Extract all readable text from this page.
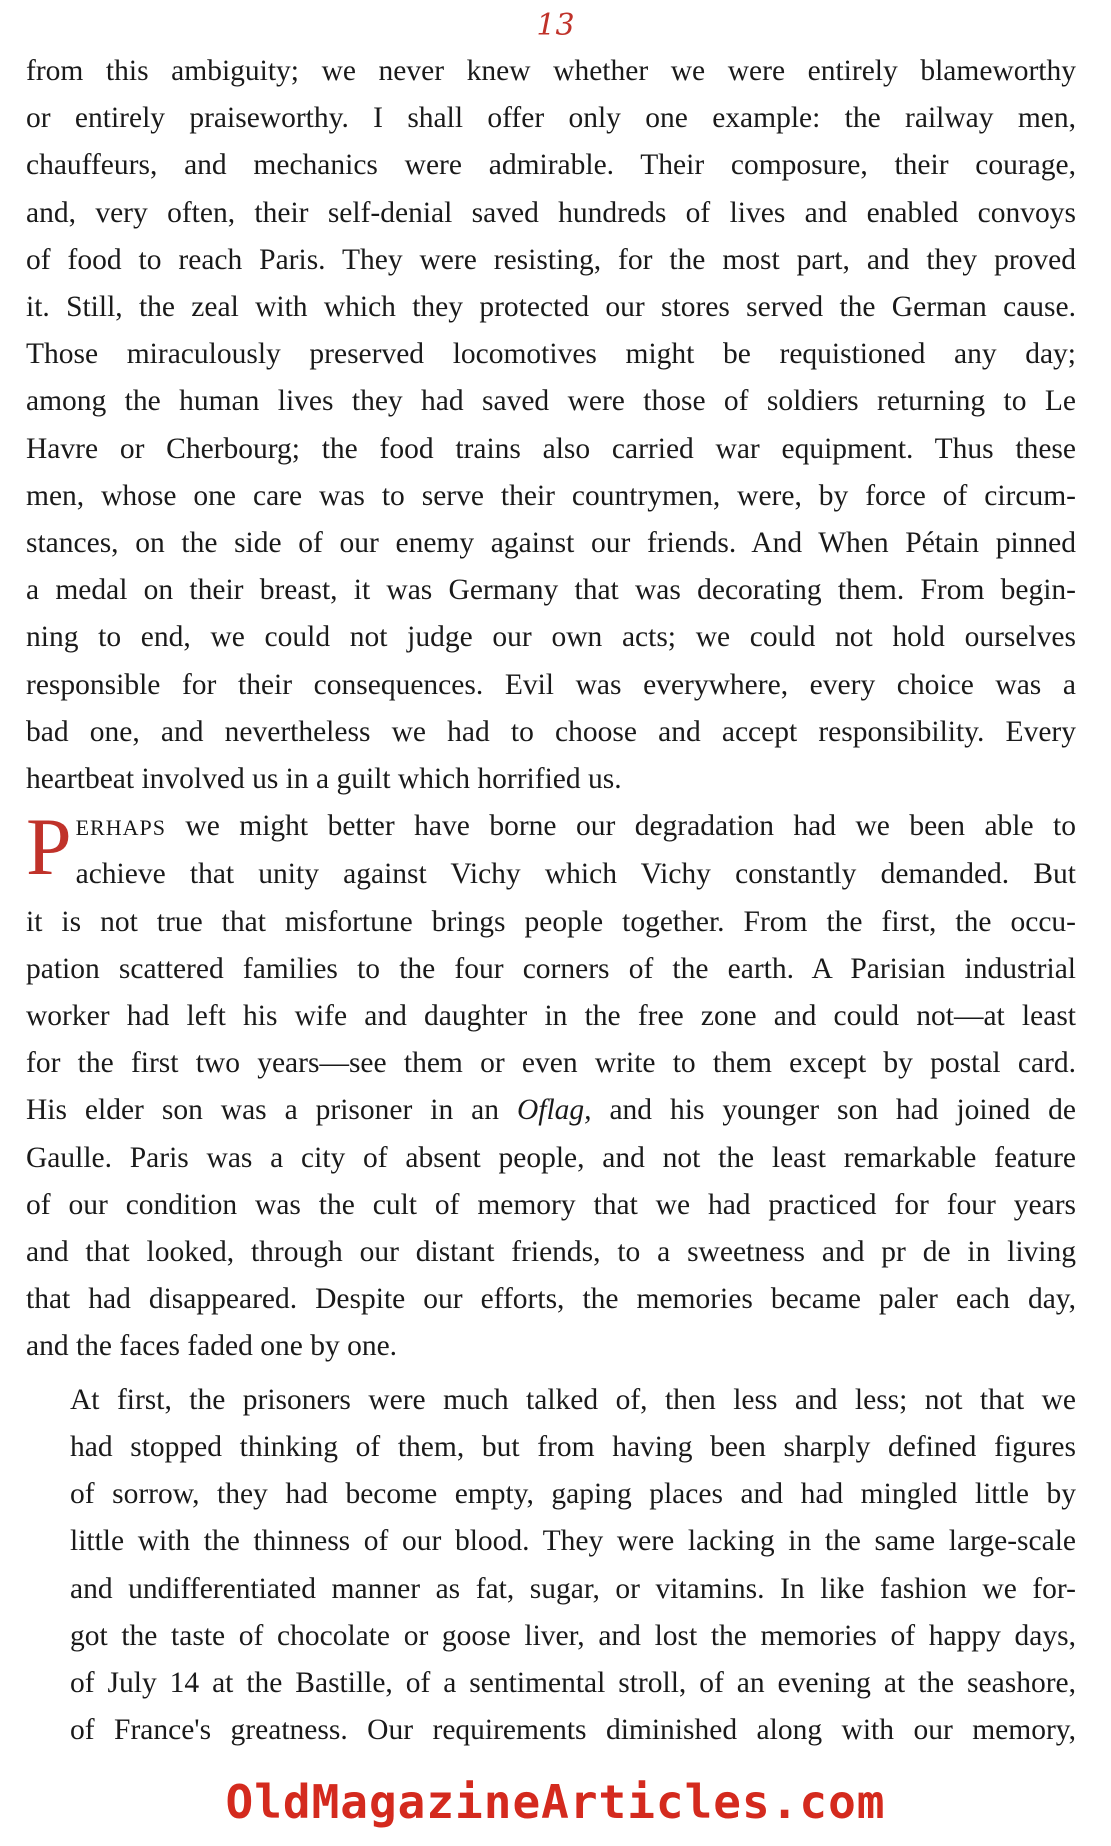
13

from this ambiguity; we never knew whether we were entirely blameworthy
or entirely praiseworthy. I shall offer only one example: the railway men,
chauffeurs, and mechanics were admirable. Their composure, their courage,
and, very often, their self-denial saved hundreds of lives and enabled convoys
of food to reach Paris. They were resisting, for the most part, and they proved
it. Still, the zeal with which they protected our stores served the German cause.
Those miraculously preserved locomotives might be requistioned any day;
among the human lives they had saved were those of soldiers returning to Le
Havre or Cherbourg; the food trains also carried war equipment. Thus these
men, whose one care was to serve their countrymen, were, by force of circum-
stances, on the side of our enemy against our friends. And When Pétain pinned
a medal on their breast, it was Germany that was decorating them. From begin-
ning to end, we could not judge our own acts; we could not hold ourselves
responsible for their consequences. Evil was everywhere, every choice was a
bad one, and nevertheless we had to choose and accept responsibility. Every
heartbeat involved us in a guilt which horrified us.

P ERHAPS we might better have borne our degradation had we been able to
achieve that unity against Vichy which Vichy constantly demanded. But
it is not true that misfortune brings people together. From the first, the occu-
pation scattered families to the four corners of the earth. A Parisian industrial
worker had left his wife and daughter in the free zone and could not—at least
for the first two years—see them or even write to them except by postal card.
His elder son was a prisoner in an Oflag, and his younger son had joined de
Gaulle. Paris was a city of absent people, and not the least remarkable feature
of our condition was the cult of memory that we had practiced for four years
and that looked, through our distant friends, to a sweetness and pr de in living
that had disappeared. Despite our efforts, the memories became paler each day,
and the faces faded one by one.

At first, the prisoners were much talked of, then less and less; not that we
had stopped thinking of them, but from having been sharply defined figures
of sorrow, they had become empty, gaping places and had mingled little by
little with the thinness of our blood. They were lacking in the same large-scale
and undifferentiated manner as fat, sugar, or vitamins. In like fashion we for-
got the taste of chocolate or goose liver, and lost the memories of happy days,
of July 14 at the Bastille, of a sentimental stroll, of an evening at the seashore,
of France's greatness. Our requirements diminished along with our memory,

OldMagazineArticles.com
